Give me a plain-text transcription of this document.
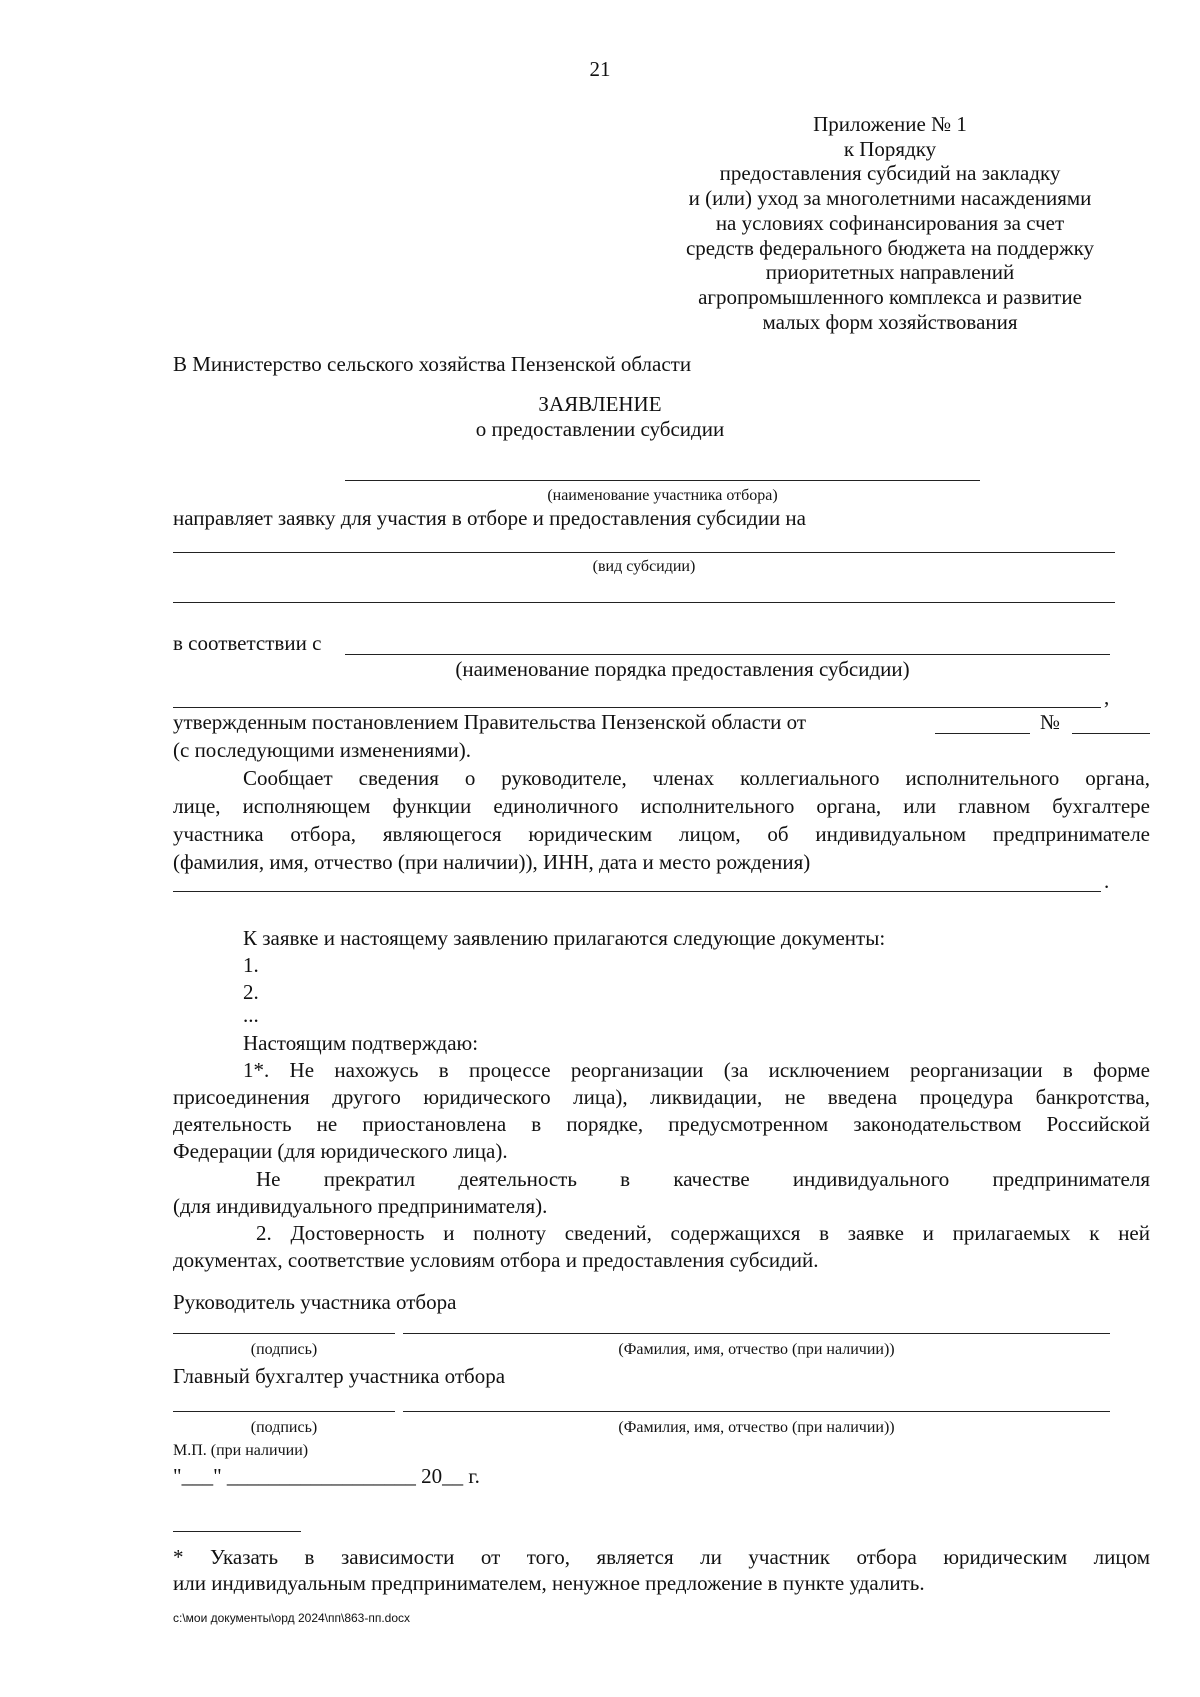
21
Приложение № 1
к Порядку
предоставления субсидий на закладку
и (или) уход за многолетними насаждениями
на условиях софинансирования за счет
средств федерального бюджета на поддержку
приоритетных направлений
агропромышленного комплекса и развитие
малых форм хозяйствования
В Министерство сельского хозяйства Пензенской области
ЗАЯВЛЕНИЕ
о предоставлении субсидии
(наименование участника отбора)
направляет заявку для участия в отборе и предоставления субсидии на
(вид субсидии)
в соответствии с
(наименование порядка предоставления субсидии)
,
утвержденным постановлением Правительства Пензенской области от	№
(с последующими изменениями).
Сообщает сведения о руководителе, членах коллегиального исполнительного органа,
лице, исполняющем функции единоличного исполнительного органа, или главном бухгалтере
участника отбора, являющегося юридическим лицом, об индивидуальном предпринимателе
(фамилия, имя, отчество (при наличии)), ИНН, дата и место рождения)
.
К заявке и настоящему заявлению прилагаются следующие документы:
1.
2.
...
Настоящим подтверждаю:
1*. Не нахожусь в процессе реорганизации (за исключением реорганизации в форме
присоединения другого юридического лица), ликвидации, не введена процедура банкротства,
деятельность не приостановлена в порядке, предусмотренном законодательством Российской
Федерации (для юридического лица).
Не прекратил деятельность в качестве индивидуального предпринимателя
(для индивидуального предпринимателя).
2. Достоверность и полноту сведений, содержащихся в заявке и прилагаемых к ней
документах, соответствие условиям отбора и предоставления субсидий.
Руководитель участника отбора
(подпись)	(Фамилия, имя, отчество (при наличии))
Главный бухгалтер участника отбора
(подпись)	(Фамилия, имя, отчество (при наличии))
М.П. (при наличии)
"___" __________________ 20__ г.
* Указать в зависимости от того, является ли участник отбора юридическим лицом
или индивидуальным предпринимателем, ненужное предложение в пункте удалить.
c:\мои документы\орд 2024\пп\863-пп.docx
